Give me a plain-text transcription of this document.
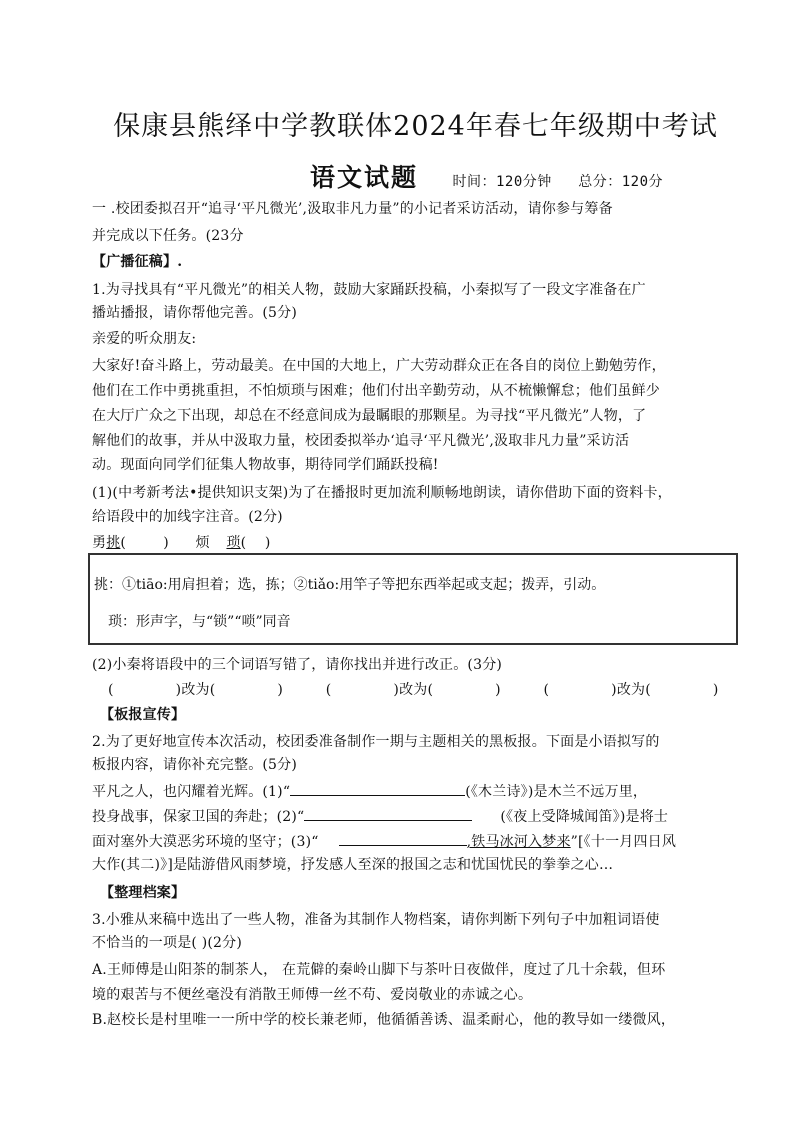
保康县熊绎中学教联体2024年春七年级期中考试
语文试题 时间：120分钟 总分：120分
一 .校团委拟召开“追寻‘平凡微光’,汲取非凡力量”的小记者采访活动，请你参与筹备
并完成以下任务。(23分
【广播征稿】.
1.为寻找具有“平凡微光”的相关人物，鼓励大家踊跃投稿，小秦拟写了一段文字准备在广
播站播报，请你帮他完善。(5分)
亲爱的听众朋友:
大家好!奋斗路上，劳动最美。在中国的大地上，广大劳动群众正在各自的岗位上勤勉劳作，
他们在工作中勇挑重担，不怕烦琐与困难；他们付出辛勤劳动，从不梳懒懈怠；他们虽鲜少
在大厅广众之下出现，却总在不经意间成为最瞩眼的那颗星。为寻找“平凡微光”人物，了
解他们的故事，并从中汲取力量，校团委拟举办‘追寻‘平凡微光’,汲取非凡力量”采访活
动。现面向同学们征集人物故事，期待同学们踊跃投稿!
(1)(中考新考法•提供知识支架)为了在播报时更加流利顺畅地朗读，请你借助下面的资料卡，
给语段中的加线字注音。(2分)
勇挑(        ) 烦 琐(    )
挑：①tiāo:用肩担着；选，拣；②tiǎo:用竿子等把东西举起或支起；拨弄，引动。
琐：形声字，与“锁”“唢”同音
(2)小秦将语段中的三个词语写错了，请你找出并进行改正。(3分)
(	)改为(	)	(	)改为(	)	(	)改为(	)
【板报宣传】
2.为了更好地宣传本次活动，校团委准备制作一期与主题相关的黑板报。下面是小语拟写的
板报内容，请你补充完整。(5分)
平凡之人，也闪耀着光辉。(1)“	(《木兰诗》)是木兰不远万里，
投身战事，保家卫国的奔赴；(2)“	(《夜上受降城闻笛》)是将士
面对塞外大漠恶劣环境的坚守；(3)“	,铁马冰河入梦来”[《十一月四日风
大作(其二)》]是陆游借风雨梦境，抒发感人至深的报国之志和忧国忧民的拳拳之心…
【整理档案】
3.小雅从来稿中选出了一些人物，准备为其制作人物档案，请你判断下列句子中加粗词语使
不恰当的一项是( )(2分)
A.王师傅是山阳茶的制茶人， 在荒僻的秦岭山脚下与茶叶日夜做伴，度过了几十余载，但环
境的艰苦与不便丝毫没有消散王师傅一丝不苟、爱岗敬业的赤诚之心。
B.赵校长是村里唯一一所中学的校长兼老师，他循循善诱、温柔耐心，他的教导如一缕微风，
